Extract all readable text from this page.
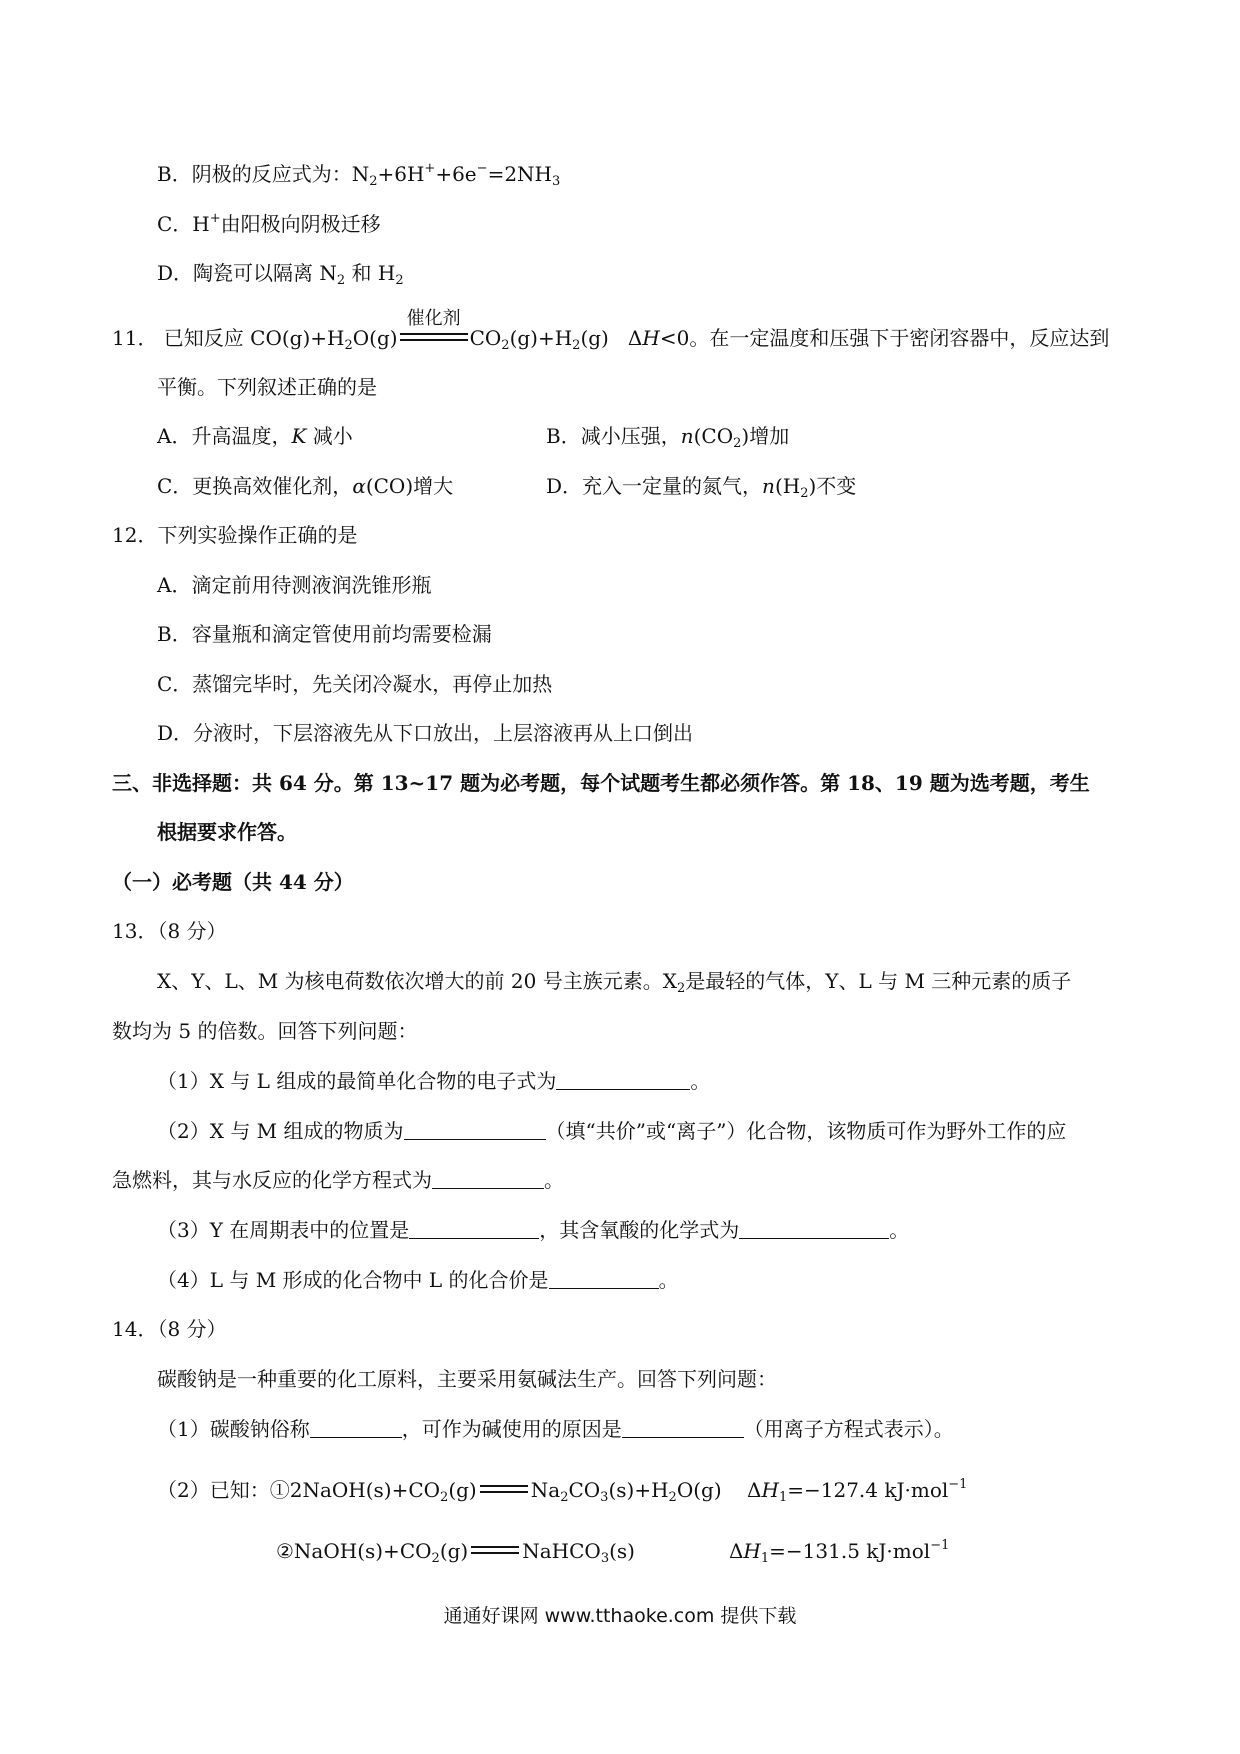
B．阴极的反应式为：$N_2+6H^++6e^-=2NH_3$
C．H+由阳极向阴极迁移
D．陶瓷可以隔离 $N_2$ 和 $H_2$
11． 已知反应 $CO(g)+H_2O(g)$
催化剂
$CO_2(g)+H_2(g)$   ΔH<0。在一定温度和压强下于密闭容器中，反应达到
平衡。下列叙述正确的是
A．升高温度，K 减小	B．减小压强，$n(CO_2)$增加
C．更换高效催化剂，α(CO)增大	D．充入一定量的氮气，$n(H_2)$不变
12．下列实验操作正确的是
A．滴定前用待测液润洗锥形瓶
B．容量瓶和滴定管使用前均需要检漏
C．蒸馏完毕时，先关闭冷凝水，再停止加热
D．分液时，下层溶液先从下口放出，上层溶液再从上口倒出
三、非选择题：共 64 分。第 13~17 题为必考题，每个试题考生都必须作答。第 18、19 题为选考题，考生
根据要求作答。
（一）必考题（共 44 分）
13．（8 分）
X、Y、L、M 为核电荷数依次增大的前 20 号主族元素。$X_2$是最轻的气体，Y、L 与 M 三种元素的质子
数均为 5 的倍数。回答下列问题：
（1）X 与 L 组成的最简单化合物的电子式为	。
（2）X 与 M 组成的物质为	（填“共价”或“离子”）化合物，该物质可作为野外工作的应
急燃料，其与水反应的化学方程式为	。
（3）Y 在周期表中的位置是	，其含氧酸的化学式为	。
（4）L 与 M 形成的化合物中 L 的化合价是	。
14．（8 分）
碳酸钠是一种重要的化工原料，主要采用氨碱法生产。回答下列问题：
（1）碳酸钠俗称	，可作为碱使用的原因是	（用离子方程式表示）。
（2）已知：$①2NaOH(s)+CO_2(g)$	$Na_2CO_3(s)+H_2O(g)$    $\Delta H_1=-127.4$ kJ·mol$^{-1}$
$②NaOH(s)+CO_2(g)$	NaHCO$_3$(s)	$\Delta H_1=-131.5$ kJ·mol$^{-1}$
通通好课网 www.tthaoke.com 提供下载
